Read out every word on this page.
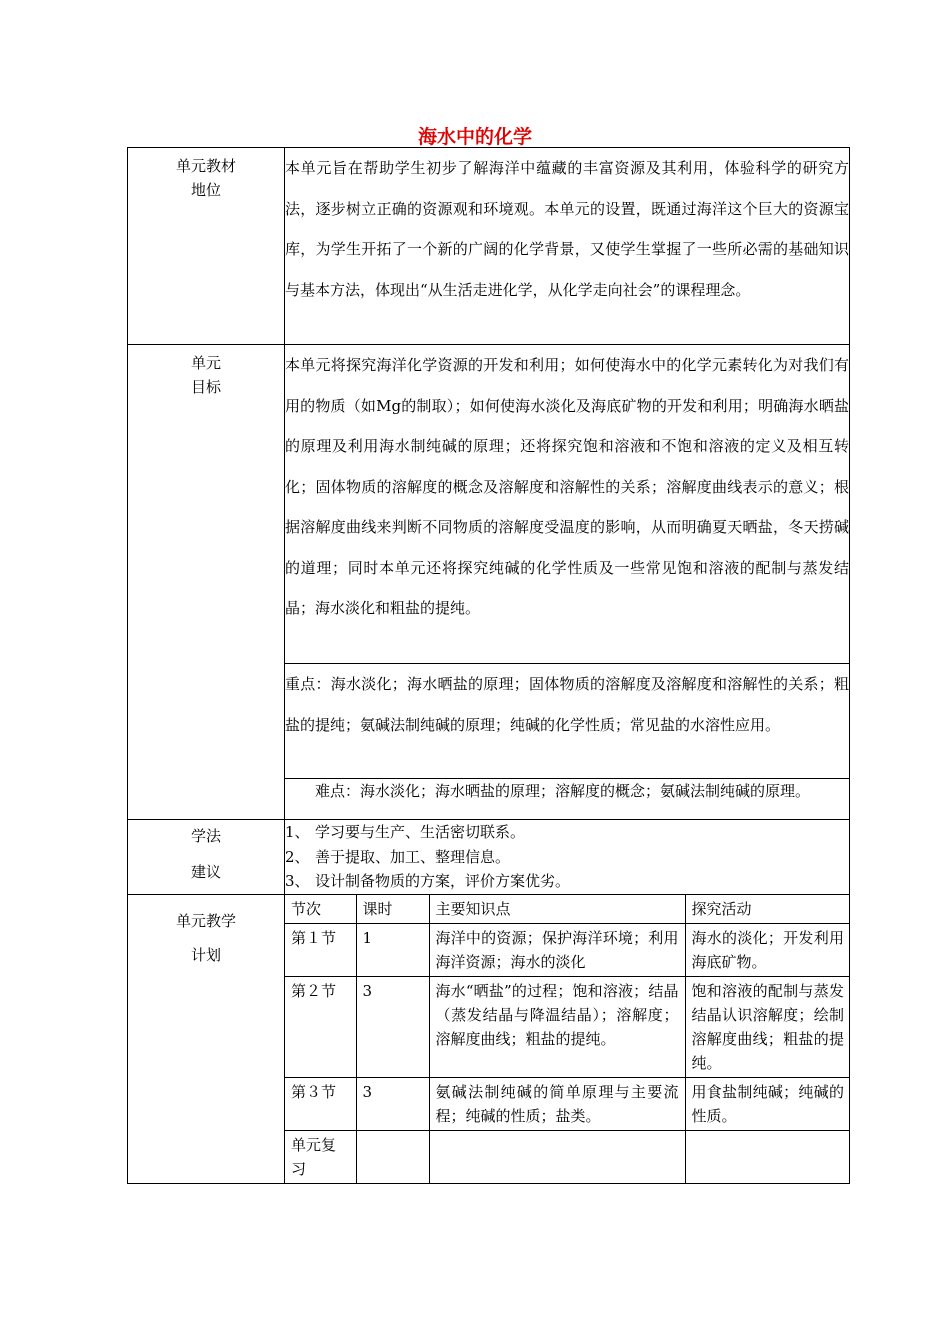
海水中的化学
单元教材
地位
	本单元旨在帮助学生初步了解海洋中蕴藏的丰富资源及其利用，体验科学的研究方法，逐步树立正确的资源观和环境观。本单元的设置，既通过海洋这个巨大的资源宝库，为学生开拓了一个新的广阔的化学背景，又使学生掌握了一些所必需的基础知识与基本方法，体现出“从生活走进化学，从化学走向社会”的课程理念。

单元
目标
	本单元将探究海洋化学资源的开发和利用；如何使海水中的化学元素转化为对我们有用的物质（如Mg的制取）；如何使海水淡化及海底矿物的开发和利用；明确海水晒盐的原理及利用海水制纯碱的原理；还将探究饱和溶液和不饱和溶液的定义及相互转化；固体物质的溶解度的概念及溶解度和溶解性的关系；溶解度曲线表示的意义；根据溶解度曲线来判断不同物质的溶解度受温度的影响，从而明确夏天晒盐，冬天捞碱的道理；同时本单元还将探究纯碱的化学性质及一些常见饱和溶液的配制与蒸发结晶；海水淡化和粗盐的提纯。
重点：海水淡化；海水晒盐的原理；固体物质的溶解度及溶解度和溶解性的关系；粗盐的提纯；氨碱法制纯碱的原理；纯碱的化学性质；常见盐的水溶性应用。
难点：海水淡化；海水晒盐的原理；溶解度的概念；氨碱法制纯碱的原理。

学法
建议

1、 学习要与生产、生活密切联系。
2、 善于提取、加工、整理信息。
3、 设计制备物质的方案，评价方案优劣。

单元教学
计划

节次	课时	主要知识点	探究活动
第１节	1	海洋中的资源；保护海洋环境；利用海洋资源；海水的淡化	海水的淡化；开发利用海底矿物。
第２节	3	海水“晒盐”的过程；饱和溶液；结晶（蒸发结晶与降温结晶）；溶解度；溶解度曲线；粗盐的提纯。	饱和溶液的配制与蒸发结晶认识溶解度；绘制溶解度曲线；粗盐的提纯。
第３节	3	氨碱法制纯碱的简单原理与主要流程；纯碱的性质；盐类。	用食盐制纯碱；纯碱的性质。
单元复习			
